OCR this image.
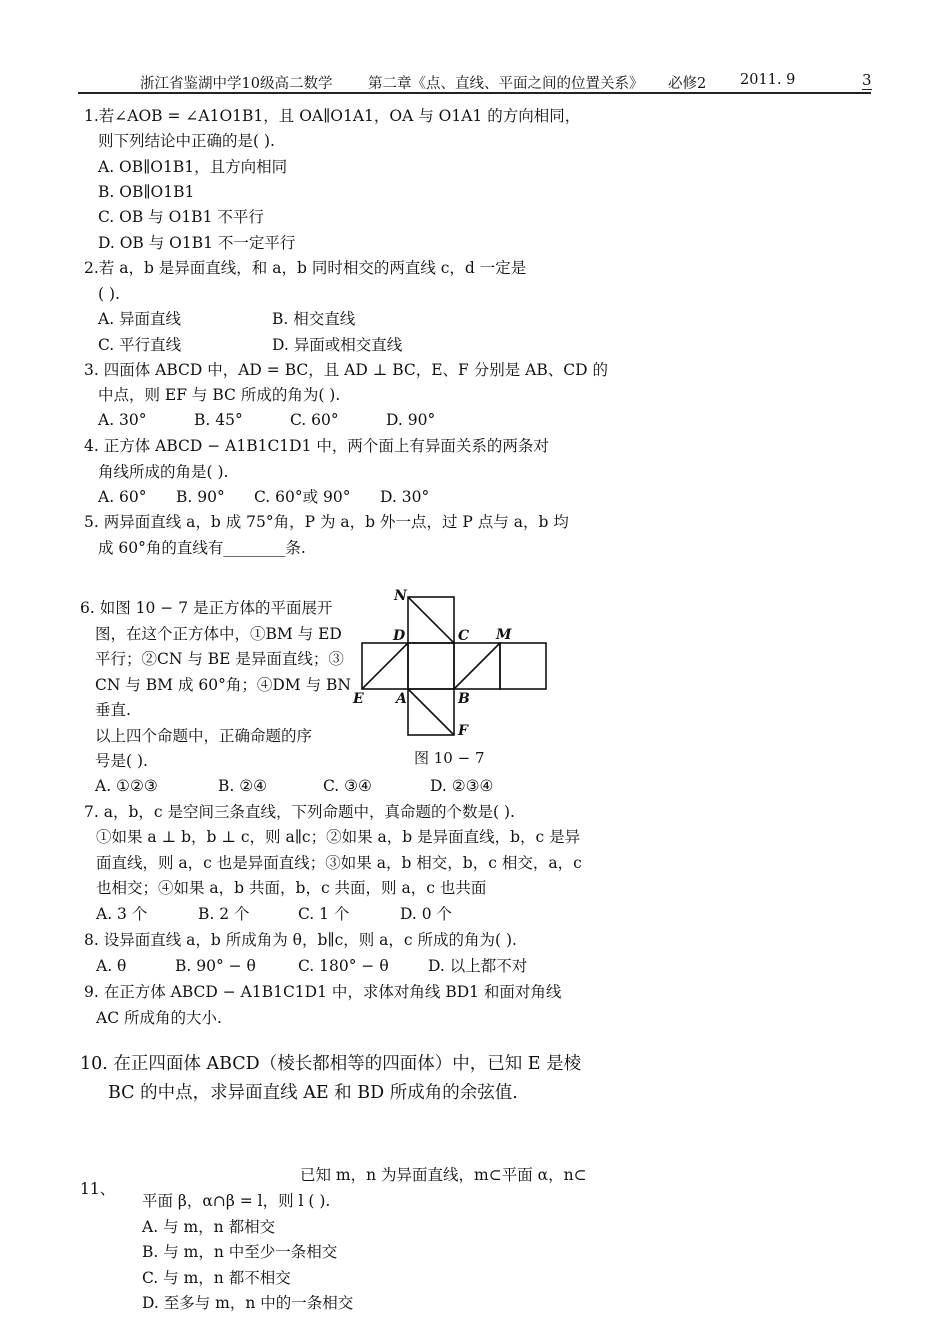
浙江省鉴湖中学10级高二数学 第二章《点、直线、平面之间的位置关系》 必修2 2011. 9	3
1.若∠AOB = ∠A1O1B1，且 OA∥O1A1，OA 与 O1A1 的方向相同，
则下列结论中正确的是( ).
A. OB∥O1B1，且方向相同
B. OB∥O1B1
C. OB 与 O1B1 不平行
D. OB 与 O1B1 不一定平行
2.若 a，b 是异面直线，和 a，b 同时相交的两直线 c，d 一定是
( ).
A. 异面直线	B. 相交直线
C. 平行直线	D. 异面或相交直线
3. 四面体 ABCD 中，AD = BC，且 AD ⊥ BC，E、F 分别是 AB、CD 的
中点，则 EF 与 BC 所成的角为( ).
A. 30°	B. 45°	C. 60°	D. 90°
4. 正方体 ABCD − A1B1C1D1 中，两个面上有异面关系的两条对
角线所成的角是( ).
A. 60° B. 90° C. 60°或 90° D. 30°
5. 两异面直线 a，b 成 75°角，P 为 a，b 外一点，过 P 点与 a，b 均
成 60°角的直线有________条.
6. 如图 10 − 7 是正方体的平面展开
图，在这个正方体中，①BM 与 ED
平行；②CN 与 BE 是异面直线；③
CN 与 BM 成 60°角；④DM 与 BN
垂直.
以上四个命题中，正确命题的序
号是( ).
A. ①②③	B. ②④	C. ③④	D. ②③④
N
D	C M
E A	B
F
图 10 − 7
7. a，b，c 是空间三条直线，下列命题中，真命题的个数是( ).
①如果 a ⊥ b，b ⊥ c，则 a∥c；②如果 a，b 是异面直线，b，c 是异
面直线，则 a，c 也是异面直线；③如果 a，b 相交，b，c 相交，a，c
也相交；④如果 a，b 共面，b，c 共面，则 a，c 也共面
A. 3 个	B. 2 个	C. 1 个	D. 0 个
8. 设异面直线 a，b 所成角为 θ，b∥c，则 a，c 所成的角为( ).
A. θ	B. 90° − θ	C. 180° − θ	D. 以上都不对
9. 在正方体 ABCD − A1B1C1D1 中，求体对角线 BD1 和面对角线
AC 所成角的大小.
10. 在正四面体 ABCD（棱长都相等的四面体）中，已知 E 是棱
BC 的中点，求异面直线 AE 和 BD 所成角的余弦值.
已知 m，n 为异面直线，m⊂平面 α，n⊂
11、
平面 β，α∩β = l，则 l ( ).
A. 与 m，n 都相交
B. 与 m，n 中至少一条相交
C. 与 m，n 都不相交
D. 至多与 m，n 中的一条相交
